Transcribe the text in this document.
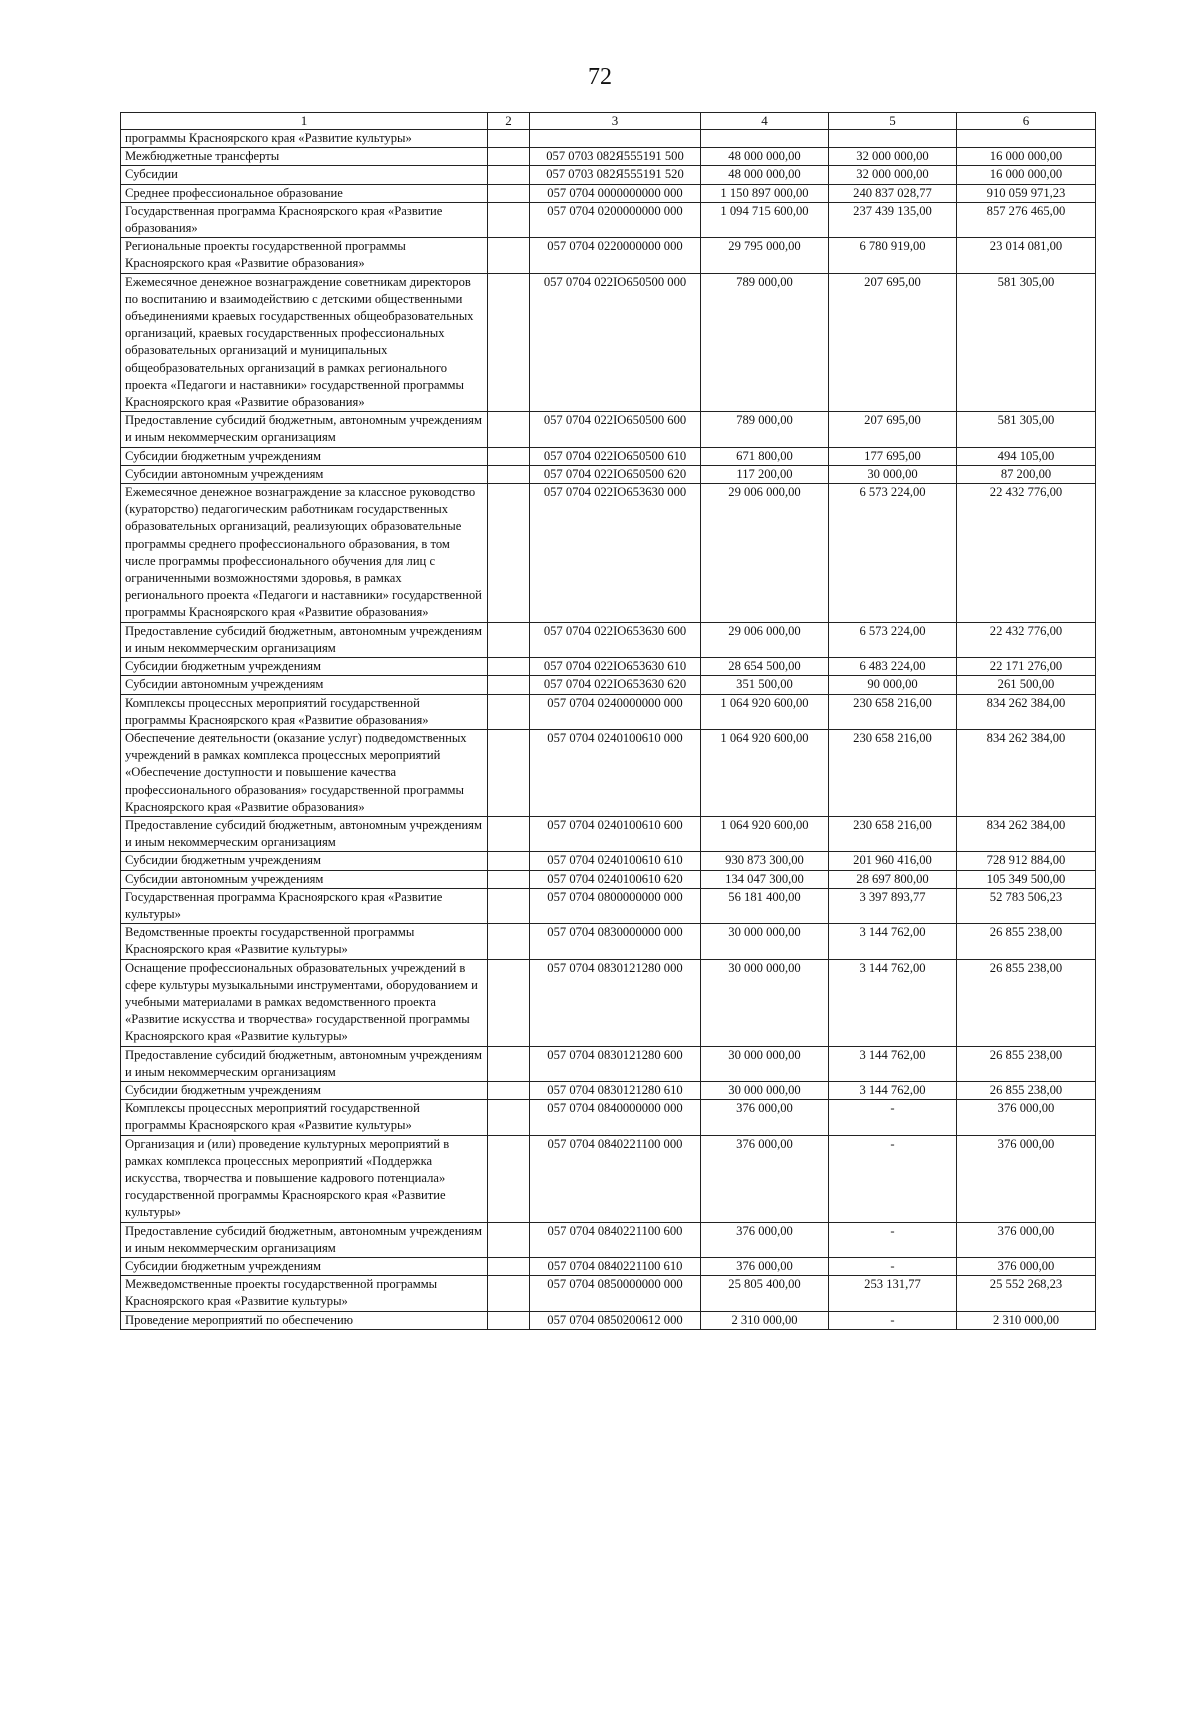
72
1	2	3	4	5	6
программы Красноярского края «Развитие культуры»					
Межбюджетные трансферты		057 0703 082Я555191 500	48 000 000,00	32 000 000,00	16 000 000,00
Субсидии		057 0703 082Я555191 520	48 000 000,00	32 000 000,00	16 000 000,00
Среднее профессиональное образование		057 0704 0000000000 000	1 150 897 000,00	240 837 028,77	910 059 971,23
Государственная программа Красноярского края «Развитие образования»		057 0704 0200000000 000	1 094 715 600,00	237 439 135,00	857 276 465,00
Региональные проекты государственной программы Красноярского края «Развитие образования»		057 0704 0220000000 000	29 795 000,00	6 780 919,00	23 014 081,00
Ежемесячное денежное вознаграждение советникам директоров по воспитанию и взаимодействию с детскими общественными объединениями краевых государственных общеобразовательных организаций, краевых государственных профессиональных образовательных организаций и муниципальных общеобразовательных организаций в рамках регионального проекта «Педагоги и наставники» государственной программы Красноярского края «Развитие образования»		057 0704 022IO650500 000	789 000,00	207 695,00	581 305,00
Предоставление субсидий бюджетным, автономным учреждениям и иным некоммерческим организациям		057 0704 022IO650500 600	789 000,00	207 695,00	581 305,00
Субсидии бюджетным учреждениям		057 0704 022IO650500 610	671 800,00	177 695,00	494 105,00
Субсидии автономным учреждениям		057 0704 022IO650500 620	117 200,00	30 000,00	87 200,00
Ежемесячное денежное вознаграждение за классное руководство (кураторство) педагогическим работникам государственных образовательных организаций, реализующих образовательные программы среднего профессионального образования, в том числе программы профессионального обучения для лиц с ограниченными возможностями здоровья, в рамках регионального проекта «Педагоги и наставники» государственной программы Красноярского края «Развитие образования»		057 0704 022IO653630 000	29 006 000,00	6 573 224,00	22 432 776,00
Предоставление субсидий бюджетным, автономным учреждениям и иным некоммерческим организациям		057 0704 022IO653630 600	29 006 000,00	6 573 224,00	22 432 776,00
Субсидии бюджетным учреждениям		057 0704 022IO653630 610	28 654 500,00	6 483 224,00	22 171 276,00
Субсидии автономным учреждениям		057 0704 022IO653630 620	351 500,00	90 000,00	261 500,00
Комплексы процессных мероприятий государственной программы Красноярского края «Развитие образования»		057 0704 0240000000 000	1 064 920 600,00	230 658 216,00	834 262 384,00
Обеспечение деятельности (оказание услуг) подведомственных учреждений в рамках комплекса процессных мероприятий «Обеспечение доступности и повышение качества профессионального образования» государственной программы Красноярского края «Развитие образования»		057 0704 0240100610 000	1 064 920 600,00	230 658 216,00	834 262 384,00
Предоставление субсидий бюджетным, автономным учреждениям и иным некоммерческим организациям		057 0704 0240100610 600	1 064 920 600,00	230 658 216,00	834 262 384,00
Субсидии бюджетным учреждениям		057 0704 0240100610 610	930 873 300,00	201 960 416,00	728 912 884,00
Субсидии автономным учреждениям		057 0704 0240100610 620	134 047 300,00	28 697 800,00	105 349 500,00
Государственная программа Красноярского края «Развитие культуры»		057 0704 0800000000 000	56 181 400,00	3 397 893,77	52 783 506,23
Ведомственные проекты государственной программы Красноярского края «Развитие культуры»		057 0704 0830000000 000	30 000 000,00	3 144 762,00	26 855 238,00
Оснащение профессиональных образовательных учреждений в сфере культуры музыкальными инструментами, оборудованием и учебными материалами в рамках ведомственного проекта «Развитие искусства и творчества» государственной программы Красноярского края «Развитие культуры»		057 0704 0830121280 000	30 000 000,00	3 144 762,00	26 855 238,00
Предоставление субсидий бюджетным, автономным учреждениям и иным некоммерческим организациям		057 0704 0830121280 600	30 000 000,00	3 144 762,00	26 855 238,00
Субсидии бюджетным учреждениям		057 0704 0830121280 610	30 000 000,00	3 144 762,00	26 855 238,00
Комплексы процессных мероприятий государственной программы Красноярского края «Развитие культуры»		057 0704 0840000000 000	376 000,00	-	376 000,00
Организация и (или) проведение культурных мероприятий в рамках комплекса процессных мероприятий «Поддержка искусства, творчества и повышение кадрового потенциала» государственной программы Красноярского края «Развитие культуры»		057 0704 0840221100 000	376 000,00	-	376 000,00
Предоставление субсидий бюджетным, автономным учреждениям и иным некоммерческим организациям		057 0704 0840221100 600	376 000,00	-	376 000,00
Субсидии бюджетным учреждениям		057 0704 0840221100 610	376 000,00	-	376 000,00
Межведомственные проекты государственной программы Красноярского края «Развитие культуры»		057 0704 0850000000 000	25 805 400,00	253 131,77	25 552 268,23
Проведение мероприятий по обеспечению		057 0704 0850200612 000	2 310 000,00	-	2 310 000,00
